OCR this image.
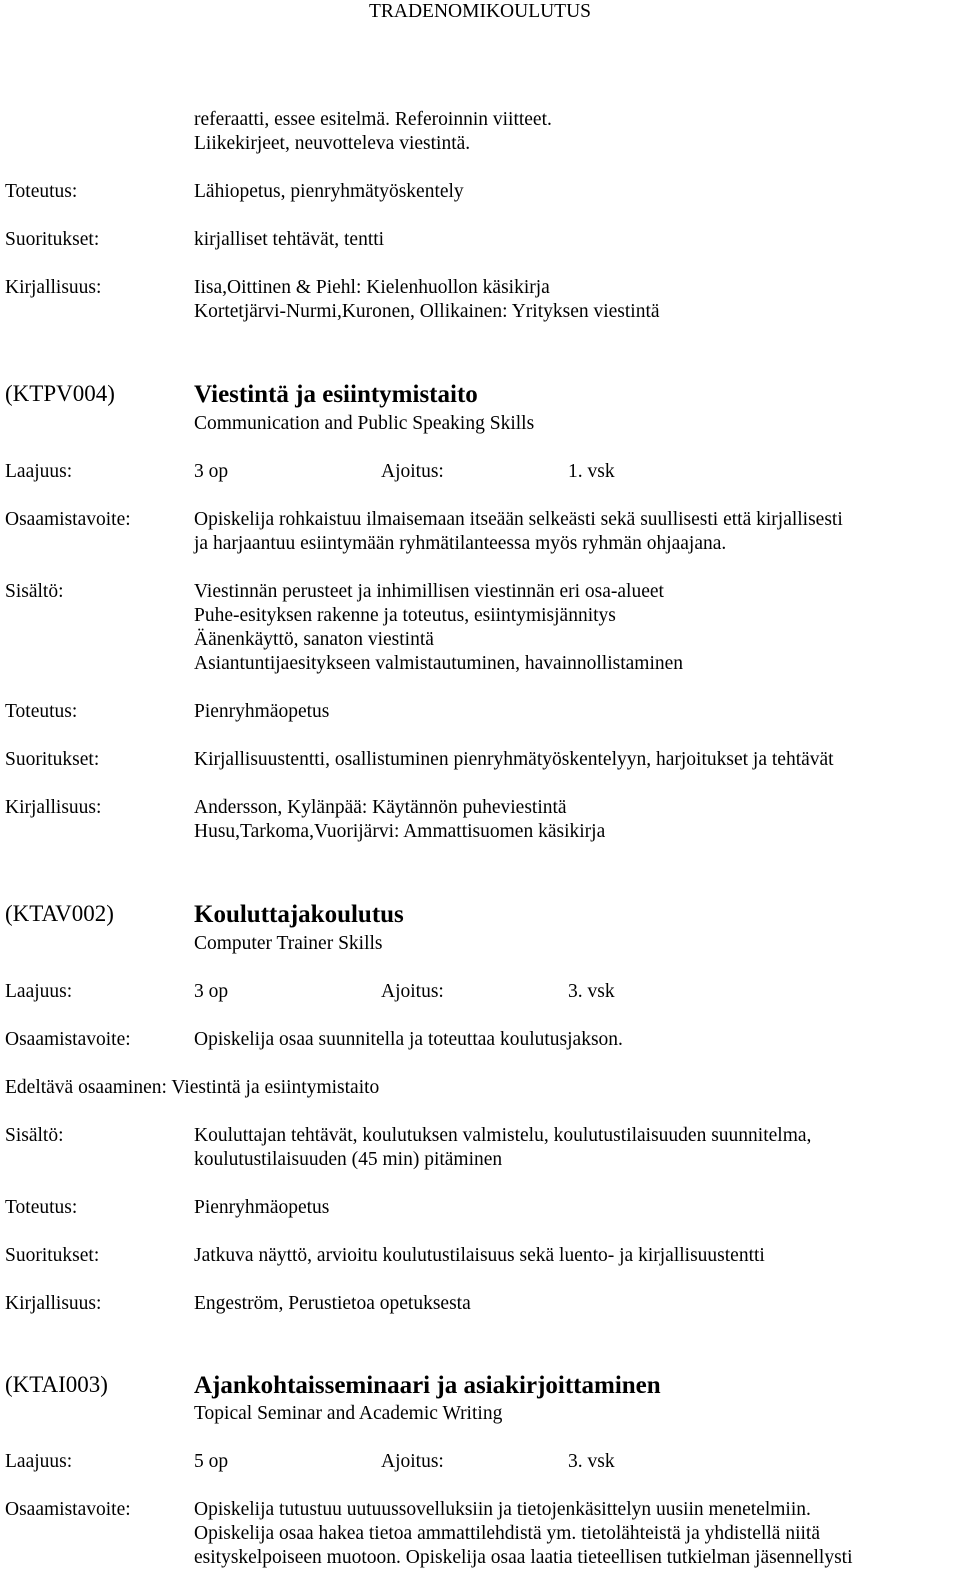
TRADENOMIKOULUTUS
referaatti, essee esitelmä. Referoinnin viitteet.
Liikekirjeet, neuvotteleva viestintä.
Toteutus:	Lähiopetus, pienryhmätyöskentely
Suoritukset:	kirjalliset tehtävät, tentti
Kirjallisuus:	Iisa,Oittinen & Piehl: Kielenhuollon käsikirja
Kortetjärvi-Nurmi,Kuronen, Ollikainen: Yrityksen viestintä
(KTPV004)	Viestintä ja esiintymistaito
Communication and Public Speaking Skills
Laajuus:	3 op	Ajoitus:	1. vsk
Osaamistavoite:	Opiskelija rohkaistuu ilmaisemaan itseään selkeästi sekä suullisesti että kirjallisesti
ja harjaantuu esiintymään ryhmätilanteessa myös ryhmän ohjaajana.
Sisältö:	Viestinnän perusteet ja inhimillisen viestinnän eri osa-alueet
Puhe-esityksen rakenne ja toteutus, esiintymisjännitys
Äänenkäyttö, sanaton viestintä
Asiantuntijaesitykseen valmistautuminen, havainnollistaminen
Toteutus:	Pienryhmäopetus
Suoritukset:	Kirjallisuustentti, osallistuminen pienryhmätyöskentelyyn, harjoitukset ja tehtävät
Kirjallisuus:	Andersson, Kylänpää: Käytännön puheviestintä
Husu,Tarkoma,Vuorijärvi: Ammattisuomen käsikirja
(KTAV002)	Kouluttajakoulutus
Computer Trainer Skills
Laajuus:	3 op	Ajoitus:	3. vsk
Osaamistavoite:	Opiskelija osaa suunnitella ja toteuttaa koulutusjakson.
Edeltävä osaaminen: Viestintä ja esiintymistaito
Sisältö:	Kouluttajan tehtävät, koulutuksen valmistelu, koulutustilaisuuden suunnitelma,
koulutustilaisuuden (45 min) pitäminen
Toteutus:	Pienryhmäopetus
Suoritukset:	Jatkuva näyttö, arvioitu koulutustilaisuus sekä luento- ja kirjallisuustentti
Kirjallisuus:	Engeström, Perustietoa opetuksesta
(KTAI003)	Ajankohtaisseminaari ja asiakirjoittaminen
Topical Seminar and Academic Writing
Laajuus:	5 op	Ajoitus:	3. vsk
Osaamistavoite:	Opiskelija tutustuu uutuussovelluksiin ja tietojenkäsittelyn uusiin menetelmiin.
Opiskelija osaa hakea tietoa ammattilehdistä ym. tietolähteistä ja yhdistellä niitä
esityskelpoiseen muotoon. Opiskelija osaa laatia tieteellisen tutkielman jäsennellysti
